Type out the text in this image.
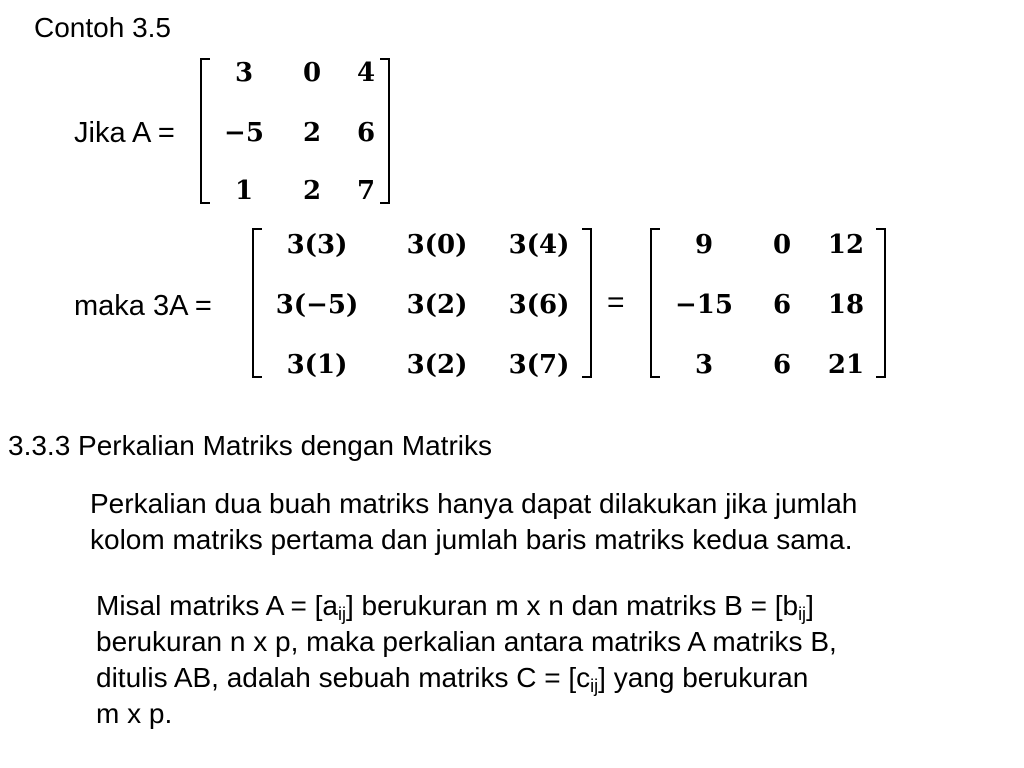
Contoh 3.5
Jika A =
3	0	4
−5	2	6
1	2	7
maka 3A =
3(3)	3(0)	3(4)
3(−5)	3(2)	3(6)
3(1)	3(2)	3(7)
=
9	0	12
−15	6	18
3	6	21
3.3.3 Perkalian Matriks dengan Matriks
Perkalian dua buah matriks hanya dapat dilakukan jika jumlah
kolom matriks pertama dan jumlah baris matriks kedua sama.
Misal matriks $A = [a_{ij}]$ berukuran m x n dan matriks $B = [b_{ij}]$
berukuran n x p, maka perkalian antara matriks A matriks B,
ditulis AB, adalah sebuah matriks $C = [c_{ij}]$ yang berukuran
m x p.
